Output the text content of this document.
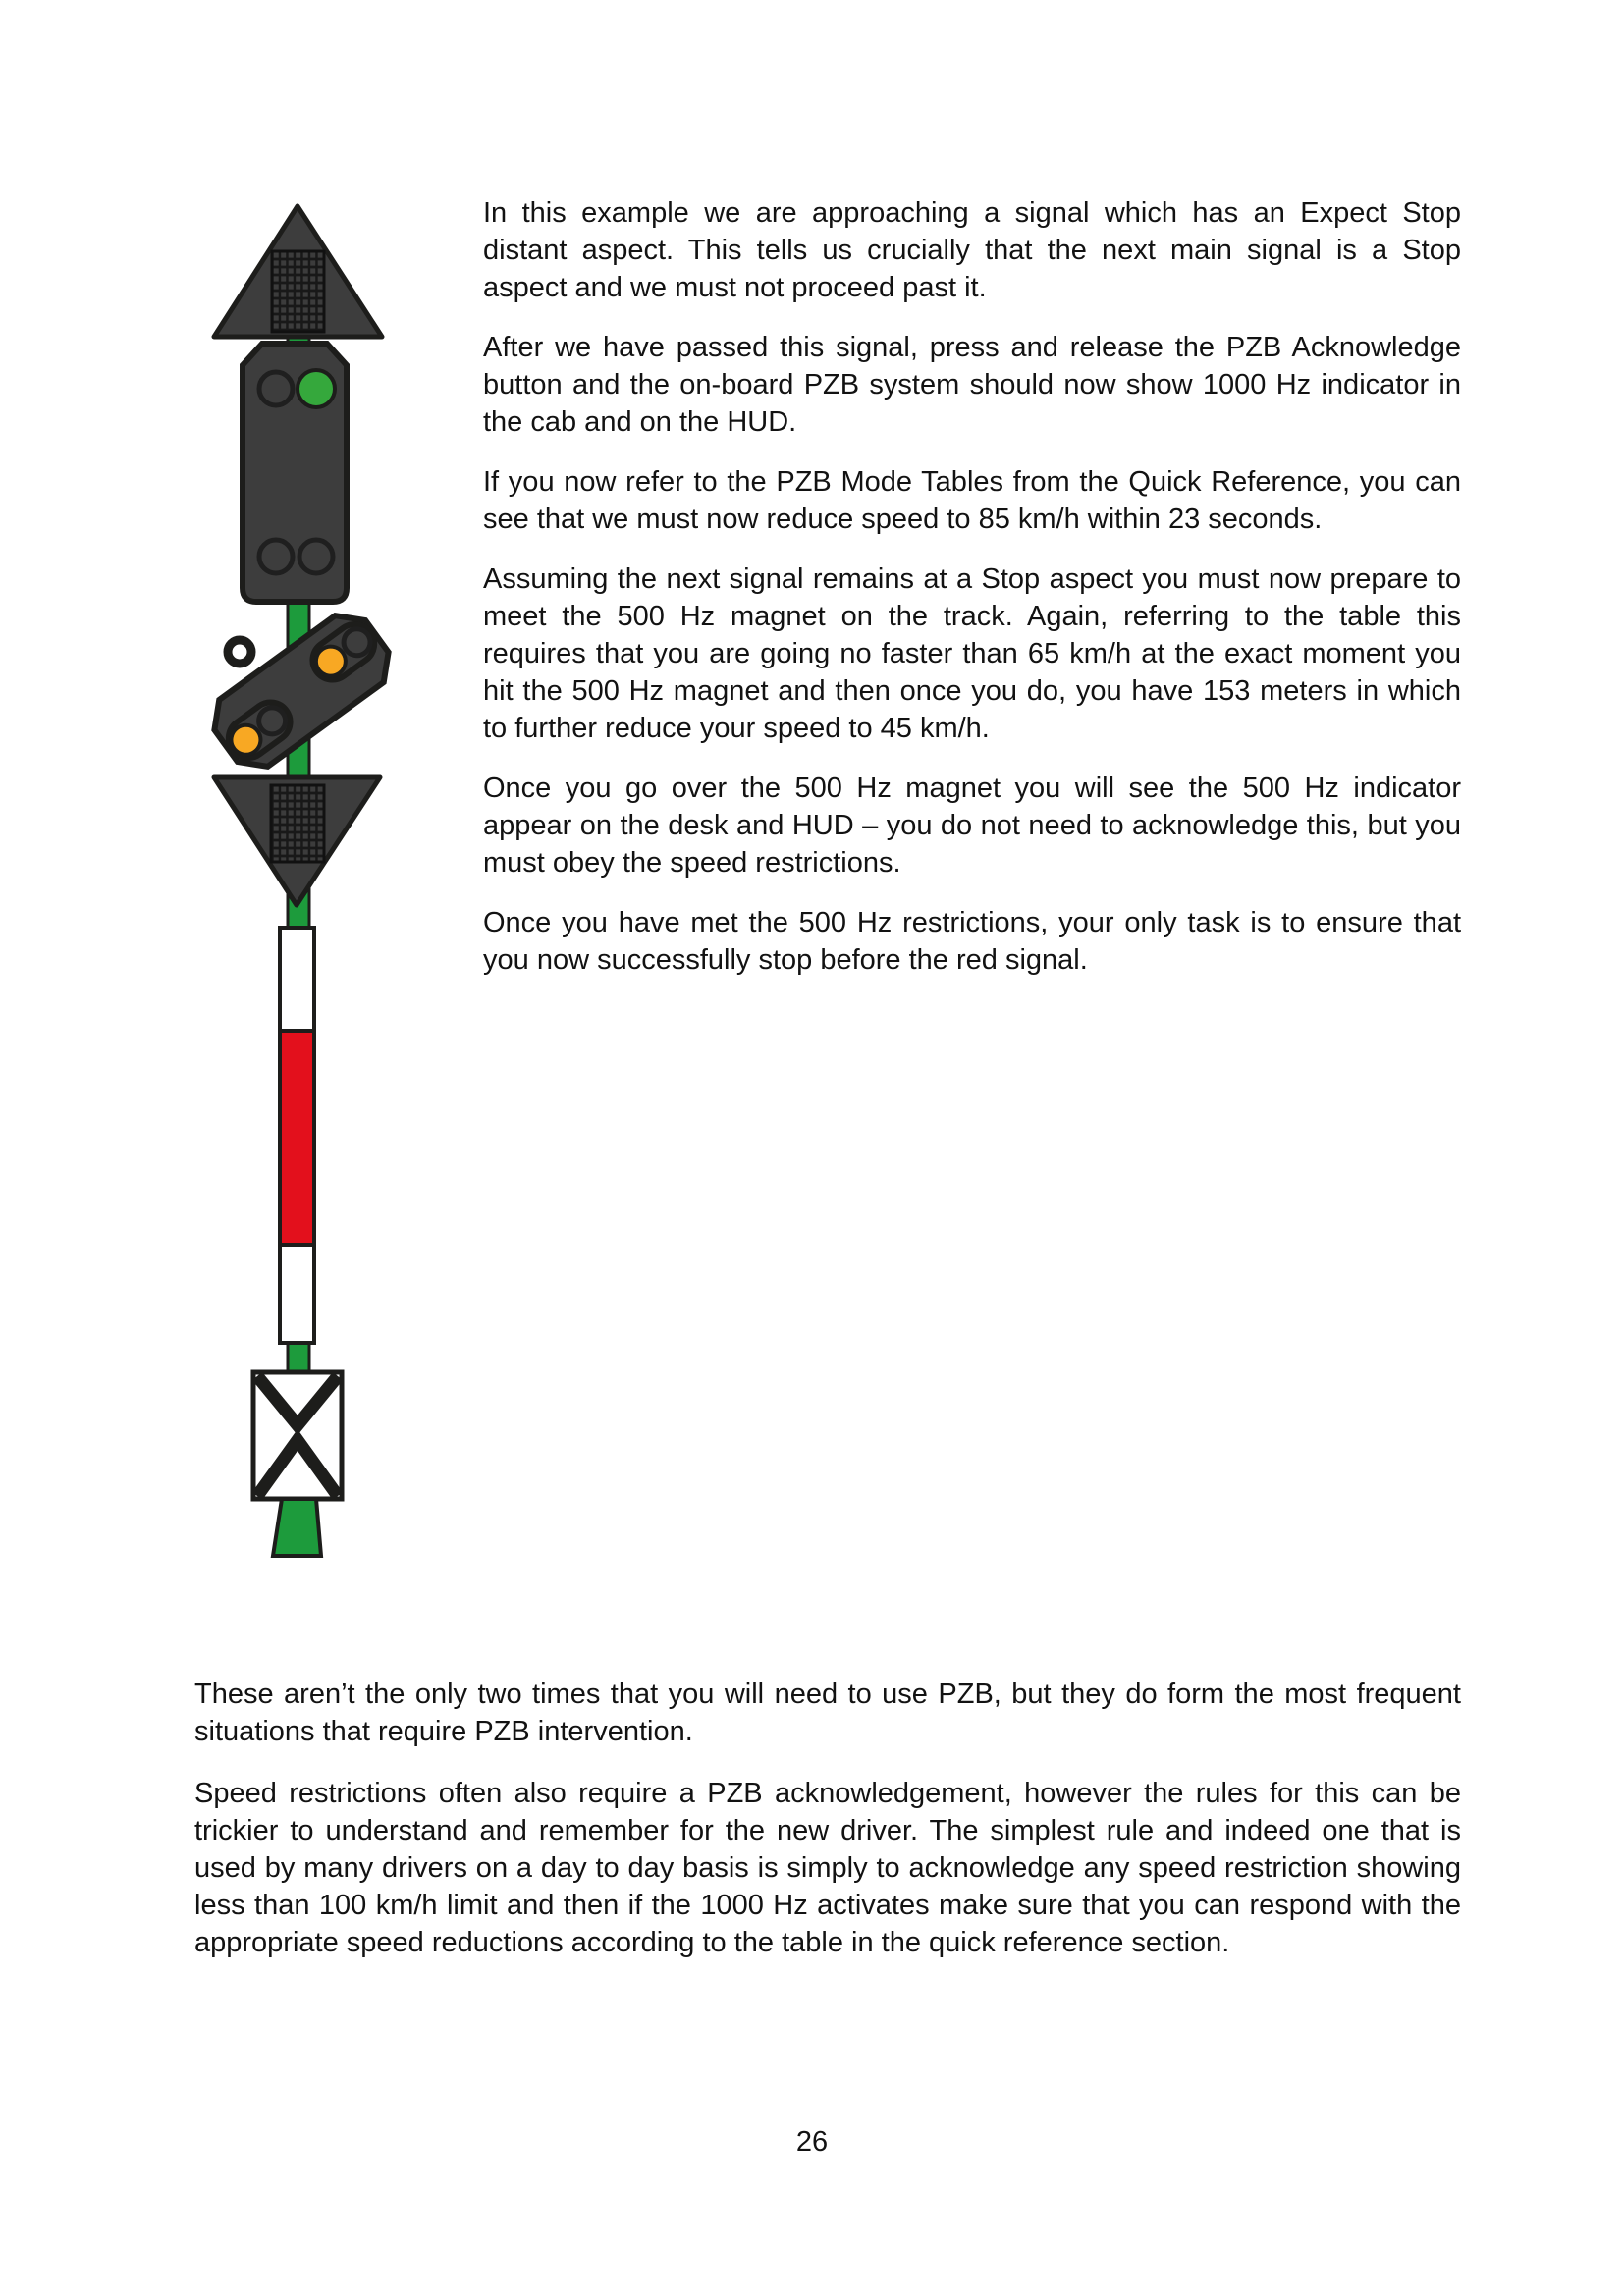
In this example we are approaching a signal which has an Expect Stop distant aspect. This tells us crucially that the next main signal is a Stop aspect and we must not proceed past it.

After we have passed this signal, press and release the PZB Acknowledge button and the on-board PZB system should now show 1000 Hz indicator in the cab and on the HUD.

If you now refer to the PZB Mode Tables from the Quick Reference, you can see that we must now reduce speed to 85 km/h within 23 seconds.

Assuming the next signal remains at a Stop aspect you must now prepare to meet the 500 Hz magnet on the track. Again, referring to the table this requires that you are going no faster than 65 km/h at the exact moment you hit the 500 Hz magnet and then once you do, you have 153 meters in which to further reduce your speed to 45 km/h.

Once you go over the 500 Hz magnet you will see the 500 Hz indicator appear on the desk and HUD – you do not need to acknowledge this, but you must obey the speed restrictions.

Once you have met the 500 Hz restrictions, your only task is to ensure that you now successfully stop before the red signal.

These aren’t the only two times that you will need to use PZB, but they do form the most frequent situations that require PZB intervention.

Speed restrictions often also require a PZB acknowledgement, however the rules for this can be trickier to understand and remember for the new driver. The simplest rule and indeed one that is used by many drivers on a day to day basis is simply to acknowledge any speed restriction showing less than 100 km/h limit and then if the 1000 Hz activates make sure that you can respond with the appropriate speed reductions according to the table in the quick reference section.

26
